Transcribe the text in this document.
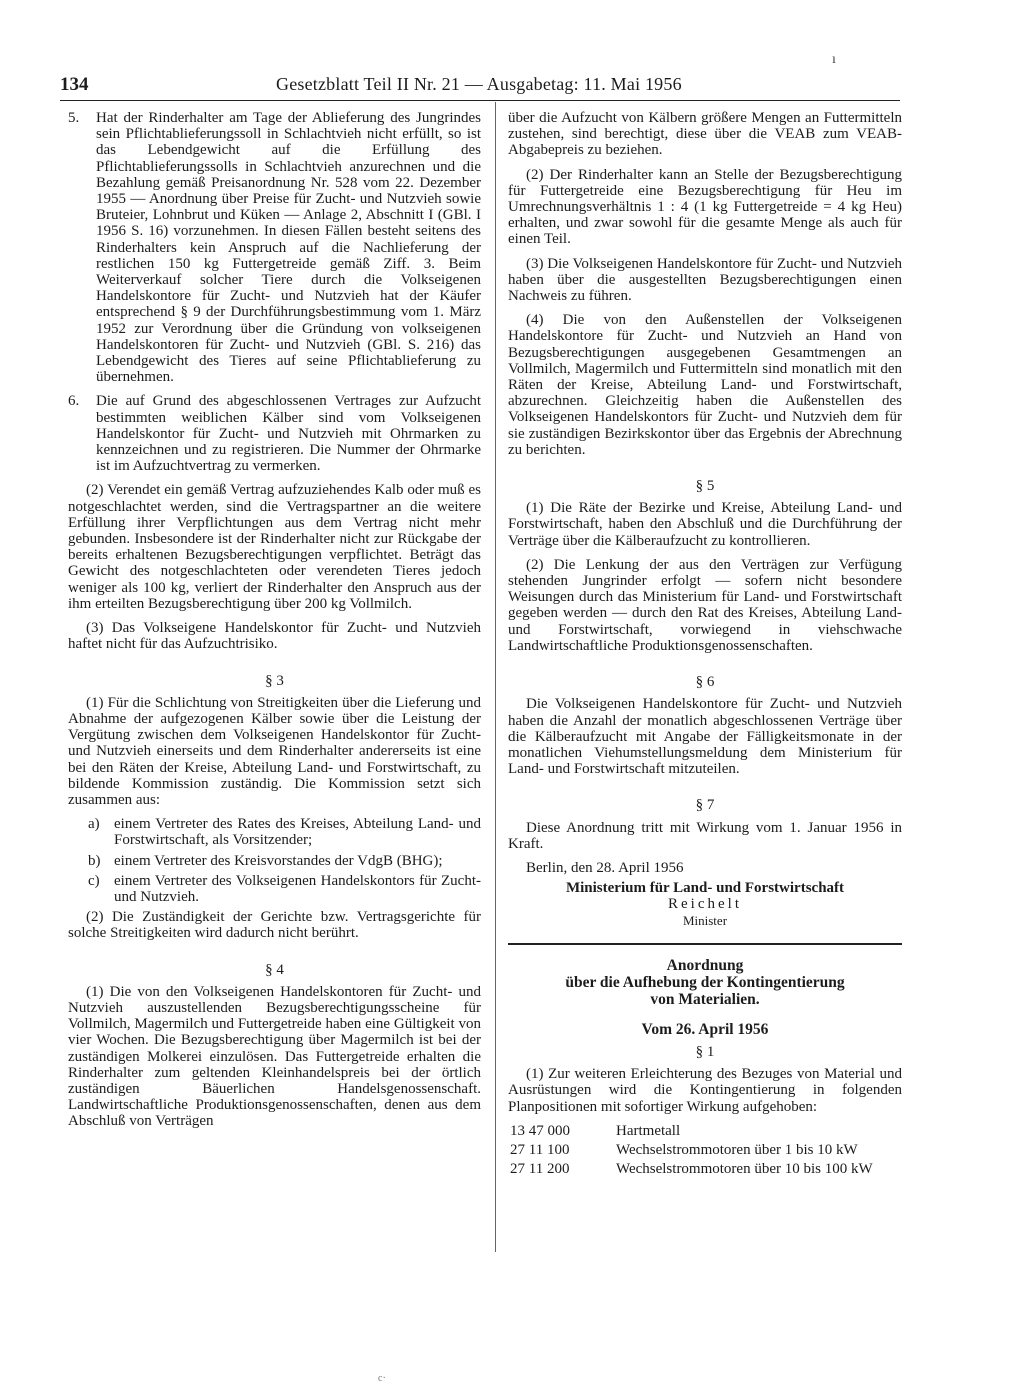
134	Gesetzblatt Teil II Nr. 21 — Ausgabetag: 11. Mai 1956
ı
5. Hat der Rinderhalter am Tage der Ablieferung des Jungrindes sein Pflichtablieferungssoll in Schlachtvieh nicht erfüllt, so ist das Lebendgewicht auf die Erfüllung des Pflichtablieferungssolls in Schlachtvieh anzurechnen und die Bezahlung gemäß Preisanordnung Nr. 528 vom 22. Dezember 1955 — Anordnung über Preise für Zucht- und Nutzvieh sowie Bruteier, Lohnbrut und Küken — Anlage 2, Abschnitt I (GBl. I 1956 S. 16) vorzunehmen. In diesen Fällen besteht seitens des Rinderhalters kein Anspruch auf die Nachlieferung der restlichen 150 kg Futtergetreide gemäß Ziff. 3. Beim Weiterverkauf solcher Tiere durch die Volkseigenen Handelskontore für Zucht- und Nutzvieh hat der Käufer entsprechend § 9 der Durchführungsbestimmung vom 1. März 1952 zur Verordnung über die Gründung von volkseigenen Handelskontoren für Zucht- und Nutzvieh (GBl. S. 216) das Lebendgewicht des Tieres auf seine Pflichtablieferung zu übernehmen.
6. Die auf Grund des abgeschlossenen Vertrages zur Aufzucht bestimmten weiblichen Kälber sind vom Volkseigenen Handelskontor für Zucht- und Nutzvieh mit Ohrmarken zu kennzeichnen und zu registrieren. Die Nummer der Ohrmarke ist im Aufzuchtvertrag zu vermerken.

(2) Verendet ein gemäß Vertrag aufzuziehendes Kalb oder muß es notgeschlachtet werden, sind die Vertragspartner an die weitere Erfüllung ihrer Verpflichtungen aus dem Vertrag nicht mehr gebunden. Insbesondere ist der Rinderhalter nicht zur Rückgabe der bereits erhaltenen Bezugsberechtigungen verpflichtet. Beträgt das Gewicht des notgeschlachteten oder verendeten Tieres jedoch weniger als 100 kg, verliert der Rinderhalter den Anspruch aus der ihm erteilten Bezugsberechtigung über 200 kg Vollmilch.

(3) Das Volkseigene Handelskontor für Zucht- und Nutzvieh haftet nicht für das Aufzuchtrisiko.

§ 3

(1) Für die Schlichtung von Streitigkeiten über die Lieferung und Abnahme der aufgezogenen Kälber sowie über die Leistung der Vergütung zwischen dem Volkseigenen Handelskontor für Zucht- und Nutzvieh einerseits und dem Rinderhalter andererseits ist eine bei den Räten der Kreise, Abteilung Land- und Forstwirtschaft, zu bildende Kommission zuständig. Die Kommission setzt sich zusammen aus:

a) einem Vertreter des Rates des Kreises, Abteilung Land- und Forstwirtschaft, als Vorsitzender;
b) einem Vertreter des Kreisvorstandes der VdgB (BHG);
c) einem Vertreter des Volkseigenen Handelskontors für Zucht- und Nutzvieh.

(2) Die Zuständigkeit der Gerichte bzw. Vertragsgerichte für solche Streitigkeiten wird dadurch nicht berührt.

§ 4

(1) Die von den Volkseigenen Handelskontoren für Zucht- und Nutzvieh auszustellenden Bezugsberechtigungsscheine für Vollmilch, Magermilch und Futtergetreide haben eine Gültigkeit von vier Wochen. Die Bezugsberechtigung über Magermilch ist bei der zuständigen Molkerei einzulösen. Das Futtergetreide erhalten die Rinderhalter zum geltenden Kleinhandelspreis bei der örtlich zuständigen Bäuerlichen Handelsgenossenschaft. Landwirtschaftliche Produktionsgenossenschaften, denen aus dem Abschluß von Verträgen

über die Aufzucht von Kälbern größere Mengen an Futtermitteln zustehen, sind berechtigt, diese über die VEAB zum VEAB-Abgabepreis zu beziehen.

(2) Der Rinderhalter kann an Stelle der Bezugsberechtigung für Futtergetreide eine Bezugsberechtigung für Heu im Umrechnungsverhältnis 1 : 4 (1 kg Futtergetreide = 4 kg Heu) erhalten, und zwar sowohl für die gesamte Menge als auch für einen Teil.

(3) Die Volkseigenen Handelskontore für Zucht- und Nutzvieh haben über die ausgestellten Bezugsberechtigungen einen Nachweis zu führen.

(4) Die von den Außenstellen der Volkseigenen Handelskontore für Zucht- und Nutzvieh an Hand von Bezugsberechtigungen ausgegebenen Gesamtmengen an Vollmilch, Magermilch und Futtermitteln sind monatlich mit den Räten der Kreise, Abteilung Land- und Forstwirtschaft, abzurechnen. Gleichzeitig haben die Außenstellen des Volkseigenen Handelskontors für Zucht- und Nutzvieh dem für sie zuständigen Bezirkskontor über das Ergebnis der Abrechnung zu berichten.

§ 5

(1) Die Räte der Bezirke und Kreise, Abteilung Land- und Forstwirtschaft, haben den Abschluß und die Durchführung der Verträge über die Kälberaufzucht zu kontrollieren.

(2) Die Lenkung der aus den Verträgen zur Verfügung stehenden Jungrinder erfolgt — sofern nicht besondere Weisungen durch das Ministerium für Land- und Forstwirtschaft gegeben werden — durch den Rat des Kreises, Abteilung Land- und Forstwirtschaft, vorwiegend in viehschwache Landwirtschaftliche Produktionsgenossenschaften.

§ 6

Die Volkseigenen Handelskontore für Zucht- und Nutzvieh haben die Anzahl der monatlich abgeschlossenen Verträge über die Kälberaufzucht mit Angabe der Fälligkeitsmonate in der monatlichen Viehumstellungsmeldung dem Ministerium für Land- und Forstwirtschaft mitzuteilen.

§ 7

Diese Anordnung tritt mit Wirkung vom 1. Januar 1956 in Kraft.

Berlin, den 28. April 1956

Ministerium für Land- und Forstwirtschaft

Reichelt

Minister

Anordnung

über die Aufhebung der Kontingentierung

von Materialien.

Vom 26. April 1956

§ 1

(1) Zur weiteren Erleichterung des Bezuges von Material und Ausrüstungen wird die Kontingentierung in folgenden Planpositionen mit sofortiger Wirkung aufgehoben:

13 47 000	Hartmetall
27 11 100	Wechselstrommotoren über 1 bis 10 kW
27 11 200	Wechselstrommotoren über 10 bis 100 kW
c·
